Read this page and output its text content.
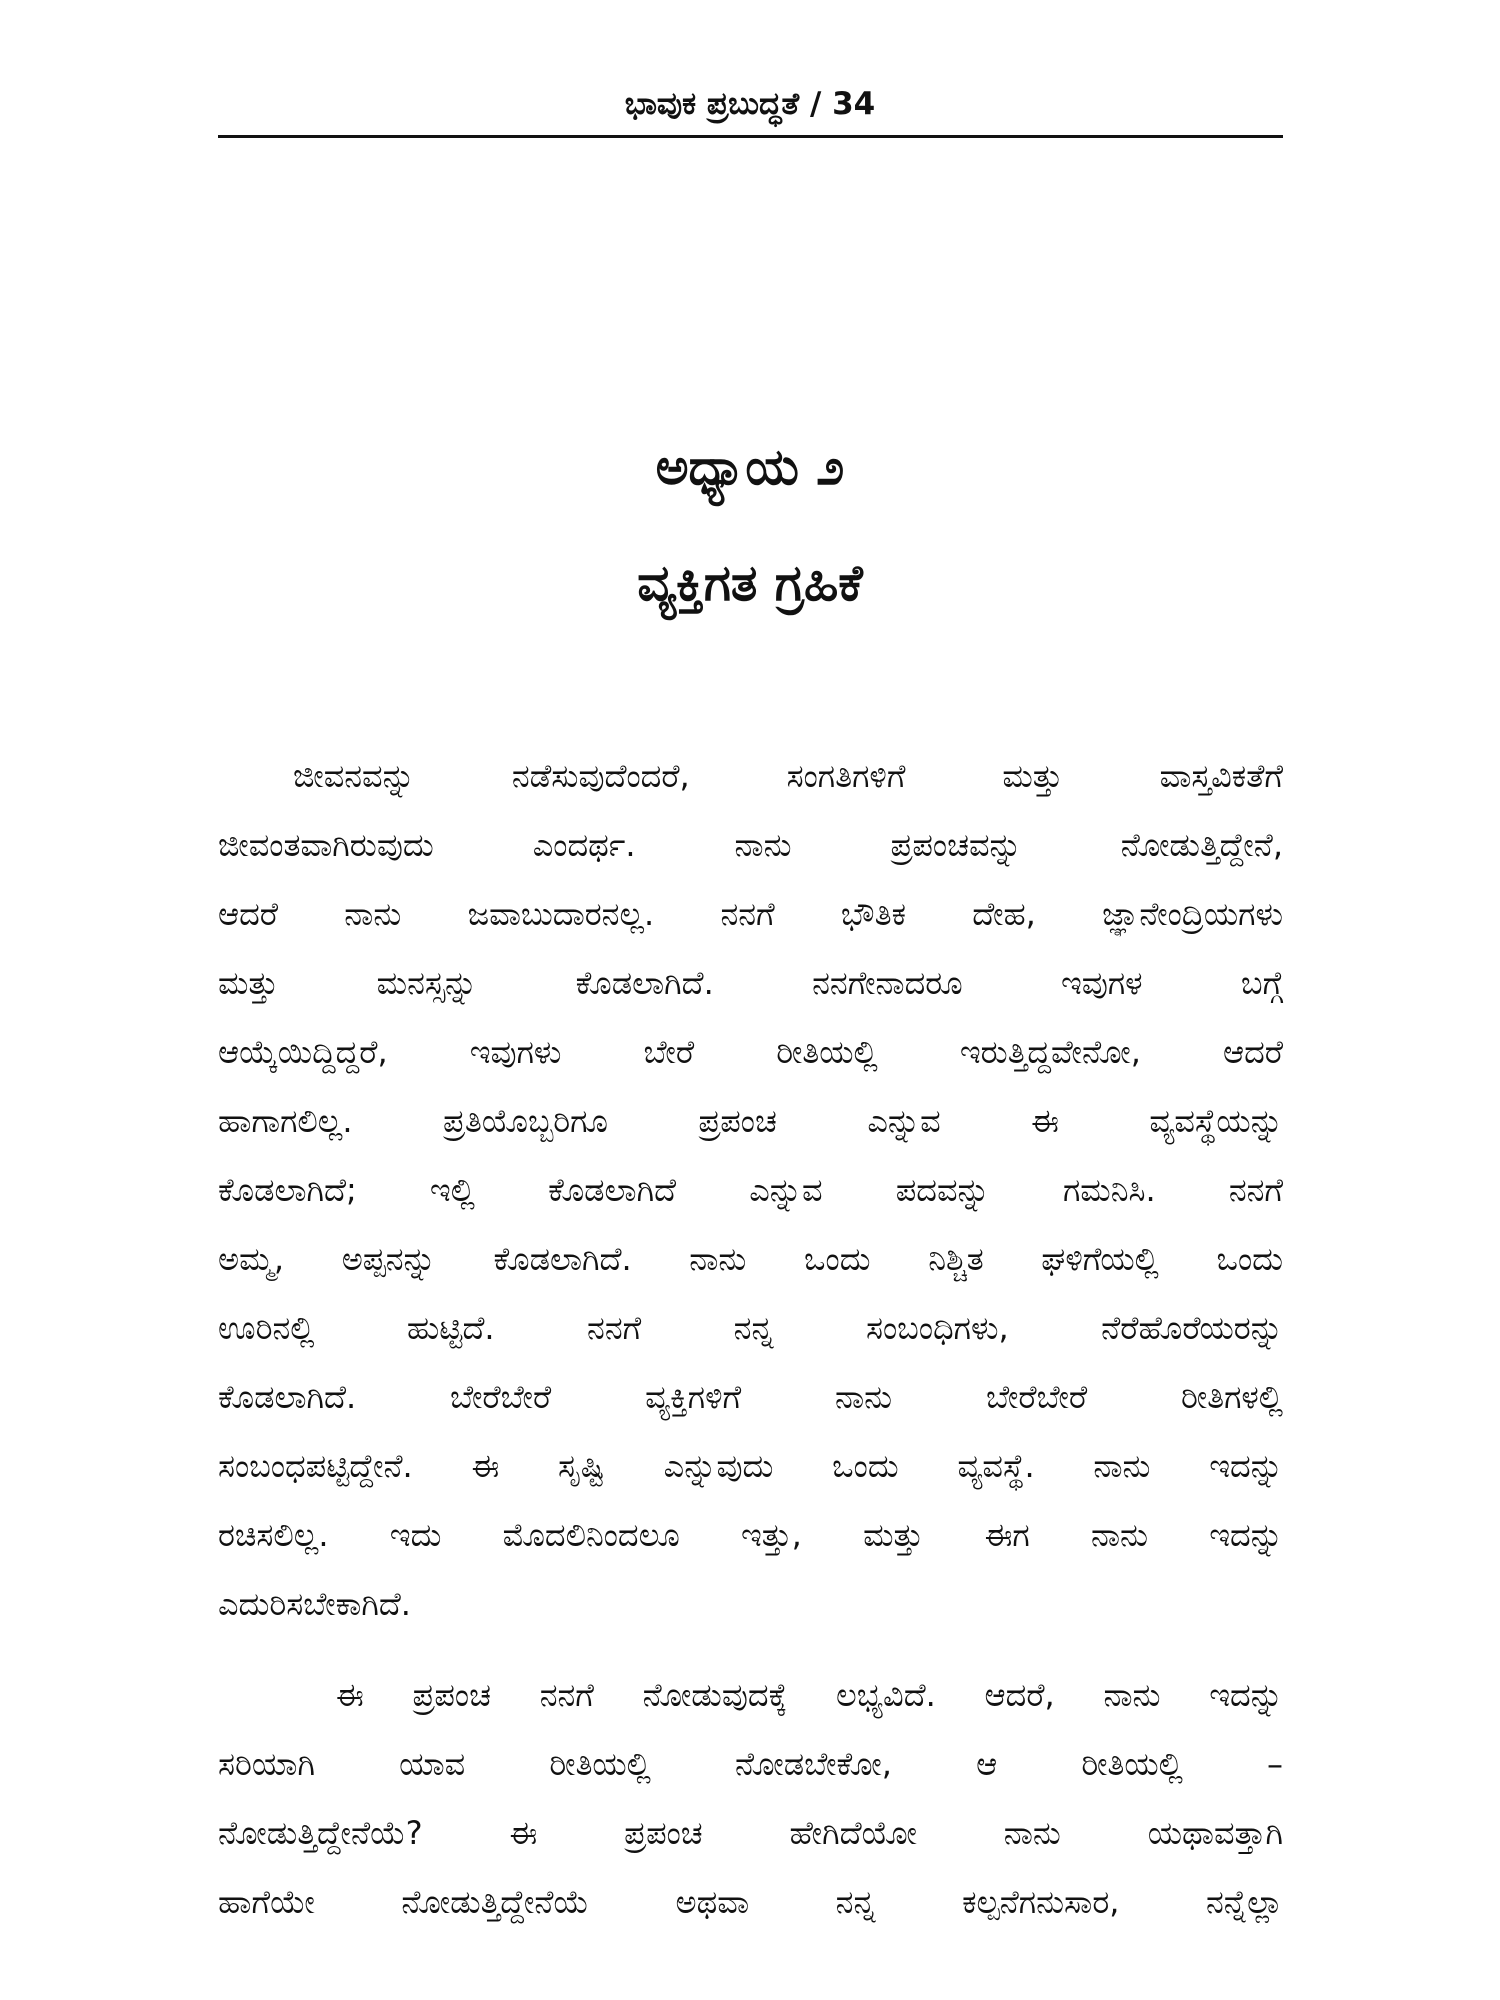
ಭಾವುಕ ಪ್ರಬುದ್ಧತೆ / 34
ಅಧ್ಯಾಯ ೨
ವ್ಯಕ್ತಿಗತ ಗ್ರಹಿಕೆ

ಜೀವನವನ್ನು ನಡೆಸುವುದೆಂದರೆ, ಸಂಗತಿಗಳಿಗೆ ಮತ್ತು ವಾಸ್ತವಿಕತೆಗೆ
ಜೀವಂತವಾಗಿರುವುದು ಎಂದರ್ಥ. ನಾನು ಪ್ರಪಂಚವನ್ನು ನೋಡುತ್ತಿದ್ದೇನೆ,
ಆದರೆ ನಾನು ಜವಾಬುದಾರನಲ್ಲ. ನನಗೆ ಭೌತಿಕ ದೇಹ, ಜ್ಞಾನೇಂದ್ರಿಯಗಳು
ಮತ್ತು ಮನಸ್ಸನ್ನು ಕೊಡಲಾಗಿದೆ. ನನಗೇನಾದರೂ ಇವುಗಳ ಬಗ್ಗೆ
ಆಯ್ಕೆಯಿದ್ದಿದ್ದರೆ, ಇವುಗಳು ಬೇರೆ ರೀತಿಯಲ್ಲಿ ಇರುತ್ತಿದ್ದವೇನೋ, ಆದರೆ
ಹಾಗಾಗಲಿಲ್ಲ. ಪ್ರತಿಯೊಬ್ಬರಿಗೂ ಪ್ರಪಂಚ ಎನ್ನುವ ಈ ವ್ಯವಸ್ಥೆಯನ್ನು
ಕೊಡಲಾಗಿದೆ; ಇಲ್ಲಿ ಕೊಡಲಾಗಿದೆ ಎನ್ನುವ ಪದವನ್ನು ಗಮನಿಸಿ. ನನಗೆ
ಅಮ್ಮ, ಅಪ್ಪನನ್ನು ಕೊಡಲಾಗಿದೆ. ನಾನು ಒಂದು ನಿಶ್ಚಿತ ಘಳಿಗೆಯಲ್ಲಿ ಒಂದು
ಊರಿನಲ್ಲಿ ಹುಟ್ಟಿದೆ. ನನಗೆ ನನ್ನ ಸಂಬಂಧಿಗಳು, ನೆರೆಹೊರೆಯರನ್ನು
ಕೊಡಲಾಗಿದೆ. ಬೇರೆಬೇರೆ ವ್ಯಕ್ತಿಗಳಿಗೆ ನಾನು ಬೇರೆಬೇರೆ ರೀತಿಗಳಲ್ಲಿ
ಸಂಬಂಧಪಟ್ಟಿದ್ದೇನೆ. ಈ ಸೃಷ್ಟಿ ಎನ್ನುವುದು ಒಂದು ವ್ಯವಸ್ಥೆ. ನಾನು ಇದನ್ನು
ರಚಿಸಲಿಲ್ಲ. ಇದು ಮೊದಲಿನಿಂದಲೂ ಇತ್ತು, ಮತ್ತು ಈಗ ನಾನು ಇದನ್ನು
ಎದುರಿಸಬೇಕಾಗಿದೆ.

ಈ ಪ್ರಪಂಚ ನನಗೆ ನೋಡುವುದಕ್ಕೆ ಲಭ್ಯವಿದೆ. ಆದರೆ, ನಾನು ಇದನ್ನು
ಸರಿಯಾಗಿ ಯಾವ ರೀತಿಯಲ್ಲಿ ನೋಡಬೇಕೋ, ಆ ರೀತಿಯಲ್ಲಿ –
ನೋಡುತ್ತಿದ್ದೇನೆಯೆ? ಈ ಪ್ರಪಂಚ ಹೇಗಿದೆಯೋ ನಾನು ಯಥಾವತ್ತಾಗಿ
ಹಾಗೆಯೇ ನೋಡುತ್ತಿದ್ದೇನೆಯೆ ಅಥವಾ ನನ್ನ ಕಲ್ಪನೆಗನುಸಾರ, ನನ್ನೆಲ್ಲಾ
